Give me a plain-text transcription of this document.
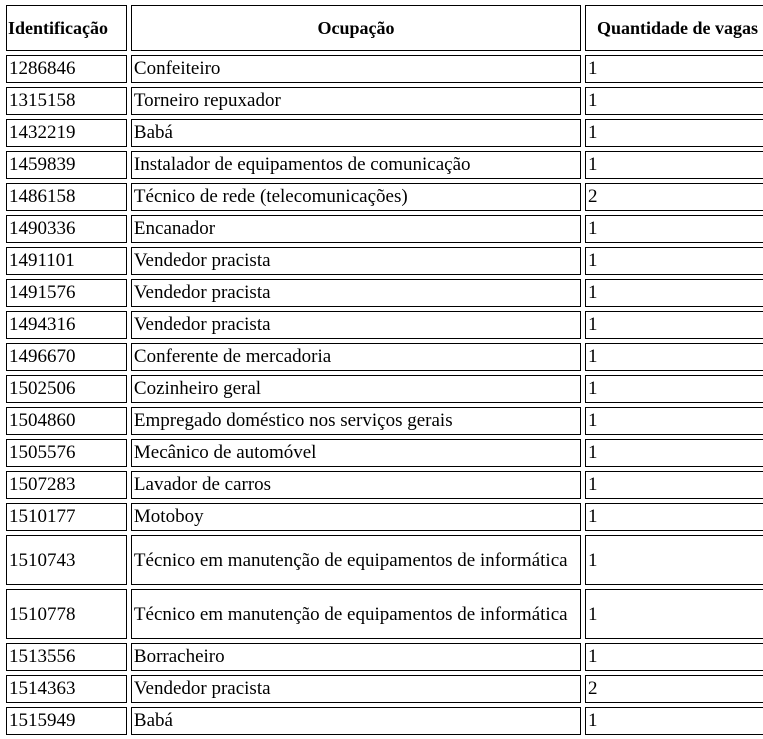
Identificação	Ocupação	Quantidade de vagas
1286846	Confeiteiro	1
1315158	Torneiro repuxador	1
1432219	Babá	1
1459839	Instalador de equipamentos de comunicação	1
1486158	Técnico de rede (telecomunicações)	2
1490336	Encanador	1
1491101	Vendedor pracista	1
1491576	Vendedor pracista	1
1494316	Vendedor pracista	1
1496670	Conferente de mercadoria	1
1502506	Cozinheiro geral	1
1504860	Empregado doméstico nos serviços gerais	1
1505576	Mecânico de automóvel	1
1507283	Lavador de carros	1
1510177	Motoboy	1
1510743	Técnico em manutenção de equipamentos de informática	1
1510778	Técnico em manutenção de equipamentos de informática	1
1513556	Borracheiro	1
1514363	Vendedor pracista	2
1515949	Babá	1
